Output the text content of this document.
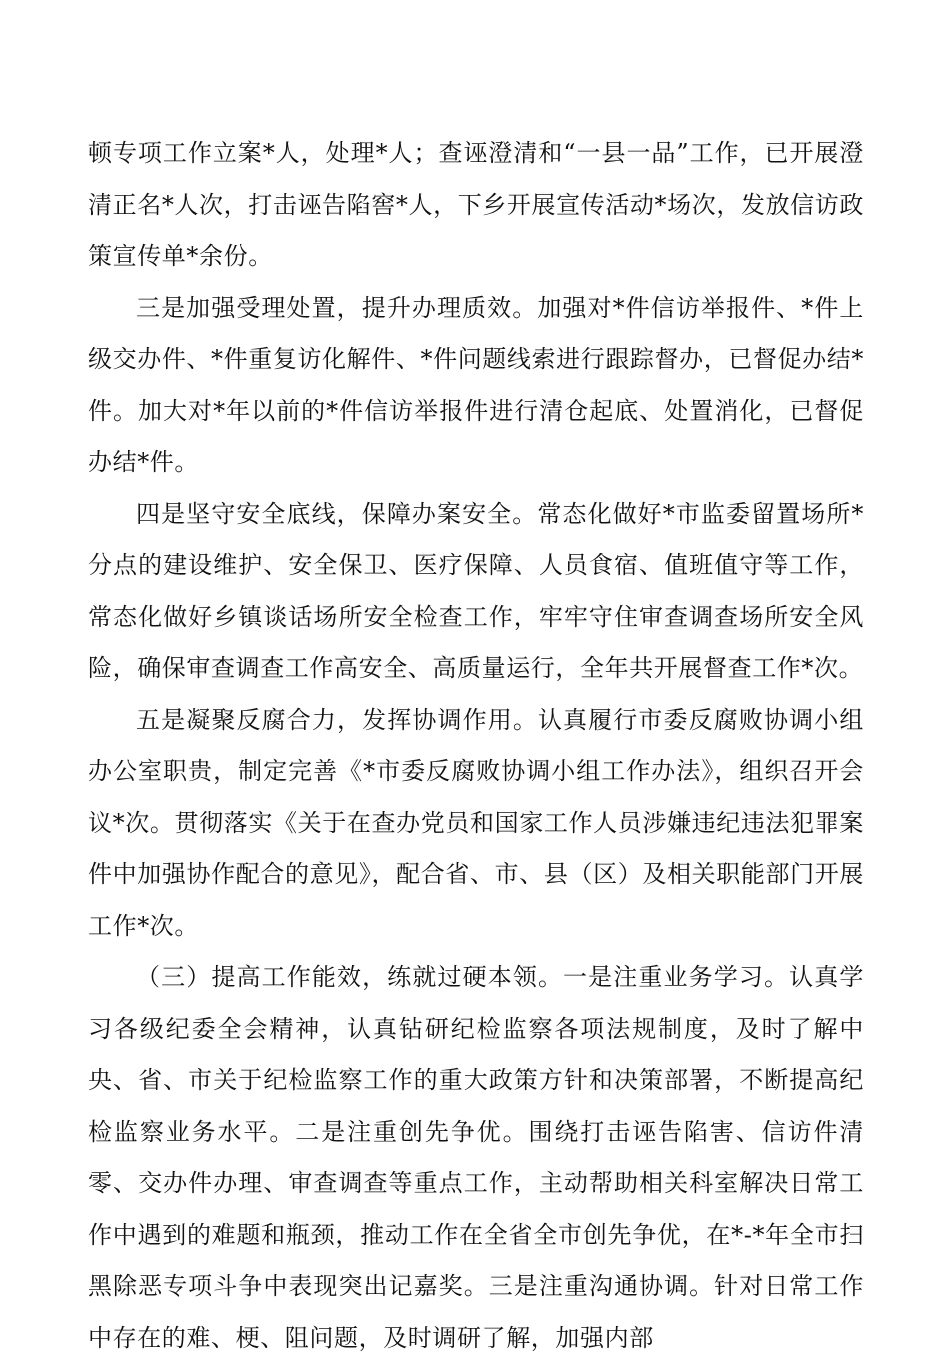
顿专项工作立案*人，处理*人；查诬澄清和“一县一品”工作，已开展澄清正名*人次，打击诬告陷窖*人，下乡开展宣传活动*场次，发放信访政策宣传单*余份。

三是加强受理处置，提升办理质效。加强对*件信访举报件、*件上级交办件、*件重复访化解件、*件问题线索进行跟踪督办，已督促办结*件。加大对*年以前的*件信访举报件进行清仓起底、处置消化，已督促办结*件。

四是坚守安全底线，保障办案安全。常态化做好*市监委留置场所*分点的建设维护、安全保卫、医疗保障、人员食宿、值班值守等工作，常态化做好乡镇谈话场所安全检查工作，牢牢守住审查调查场所安全风险，确保审查调查工作高安全、高质量运行，全年共开展督查工作*次。

五是凝聚反腐合力，发挥协调作用。认真履行市委反腐败协调小组办公室职贵，制定完善《*市委反腐败协调小组工作办法》，组织召开会议*次。贯彻落实《关于在查办党员和国家工作人员涉嫌违纪违法犯罪案件中加强协作配合的意见》，配合省、市、县（区）及相关职能部门开展工作*次。

（三）提高工作能效，练就过硬本领。一是注重业务学习。认真学习各级纪委全会精神，认真钻研纪检监察各项法规制度，及时了解中央、省、市关于纪检监察工作的重大政策方针和决策部署，不断提高纪检监察业务水平。二是注重创先争优。围绕打击诬告陷害、信访件清零、交办件办理、审查调查等重点工作，主动帮助相关科室解决日常工作中遇到的难题和瓶颈，推动工作在全省全市创先争优，在*-*年全市扫黑除恶专项斗争中表现突出记嘉奖。三是注重沟通协调。针对日常工作中存在的难、梗、阻问题，及时调研了解，加强内部
